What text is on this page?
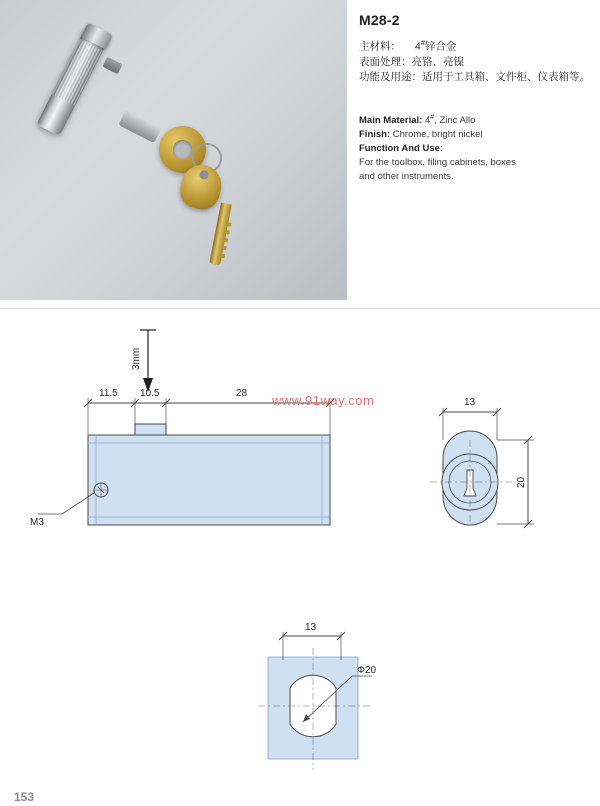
M28-2

主材料： 4#锌合金

表面处理：亮铬、亮镍

功能及用途：适用于工具箱、文件柜、仪表箱等。

Main Material: 4#, Zinc Allo

Finish: Chrome, bright nickel

Function And Use:

For the toolbox, filing cabinets, boxes

and other instruments.

3mm
11.5 10.5	28
M3
13
20
13
Φ20
www.91way.com
153
